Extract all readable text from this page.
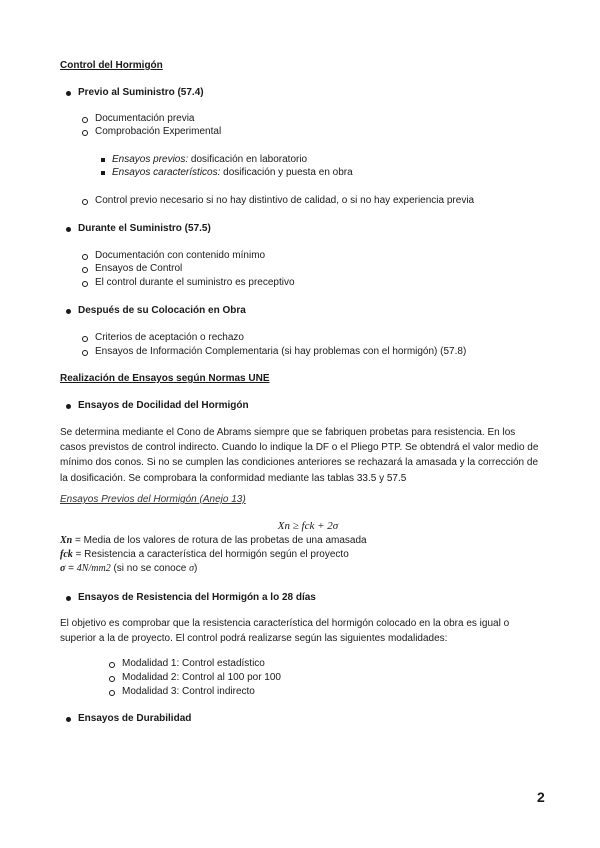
Control del Hormigón
Previo al Suministro (57.4)
Documentación previa
Comprobación Experimental
Ensayos previos: dosificación en laboratorio
Ensayos característicos: dosificación y puesta en obra
Control previo necesario si no hay distintivo de calidad, o si no hay experiencia previa
Durante el Suministro (57.5)
Documentación con contenido mínimo
Ensayos de Control
El control durante el suministro es preceptivo
Después de su Colocación en Obra
Criterios de aceptación o rechazo
Ensayos de Información Complementaria (si hay problemas con el hormigón) (57.8)
Realización de Ensayos según Normas UNE
Ensayos de Docilidad del Hormigón
Se determina mediante el Cono de Abrams siempre que se fabriquen probetas para resistencia. En los casos previstos de control indirecto. Cuando lo indique la DF o el Pliego PTP. Se obtendrá el valor medio de mínimo dos conos. Si no se cumplen las condiciones anteriores se rechazará la amasada y la corrección de la dosificación. Se comprobara la conformidad mediante las tablas 33.5 y 57.5
Ensayos Previos del Hormigón (Anejo 13)
Xn ≥ fck + 2σ
Xn = Media de los valores de rotura de las probetas de una amasada
fck = Resistencia a característica del hormigón según el proyecto
σ = 4N/mm2 (si no se conoce σ)
Ensayos de Resistencia del Hormigón a lo 28 días
El objetivo es comprobar que la resistencia característica del hormigón colocado en la obra es igual o superior a la de proyecto. El control podrá realizarse según las siguientes modalidades:
Modalidad 1: Control estadístico
Modalidad 2: Control al 100 por 100
Modalidad 3: Control indirecto
Ensayos de Durabilidad
2
